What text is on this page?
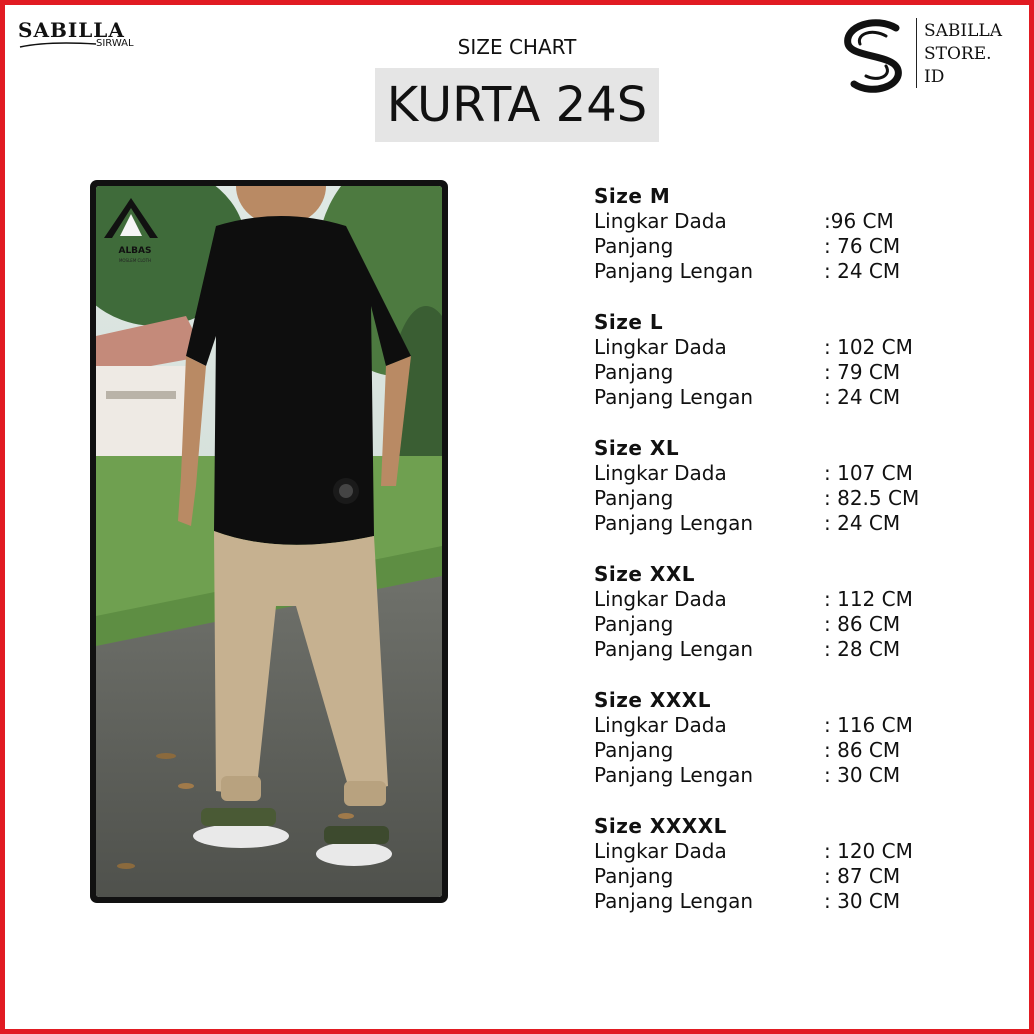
SABILLA
SIRWAL
SABILLA
STORE.
ID
SIZE CHART
KURTA 24S
ALBAS
MOSLEM CLOTH
Size M
Lingkar Dada	:96 CM
Panjang	: 76 CM
Panjang Lengan	: 24 CM
Size L
Lingkar Dada	: 102 CM
Panjang	: 79 CM
Panjang Lengan	: 24 CM
Size XL
Lingkar Dada	: 107 CM
Panjang	: 82.5 CM
Panjang Lengan	: 24 CM
Size XXL
Lingkar Dada	: 112 CM
Panjang	: 86 CM
Panjang Lengan	: 28 CM
Size XXXL
Lingkar Dada	: 116 CM
Panjang	: 86 CM
Panjang Lengan	: 30 CM
Size XXXXL
Lingkar Dada	: 120 CM
Panjang	: 87 CM
Panjang Lengan	: 30 CM
